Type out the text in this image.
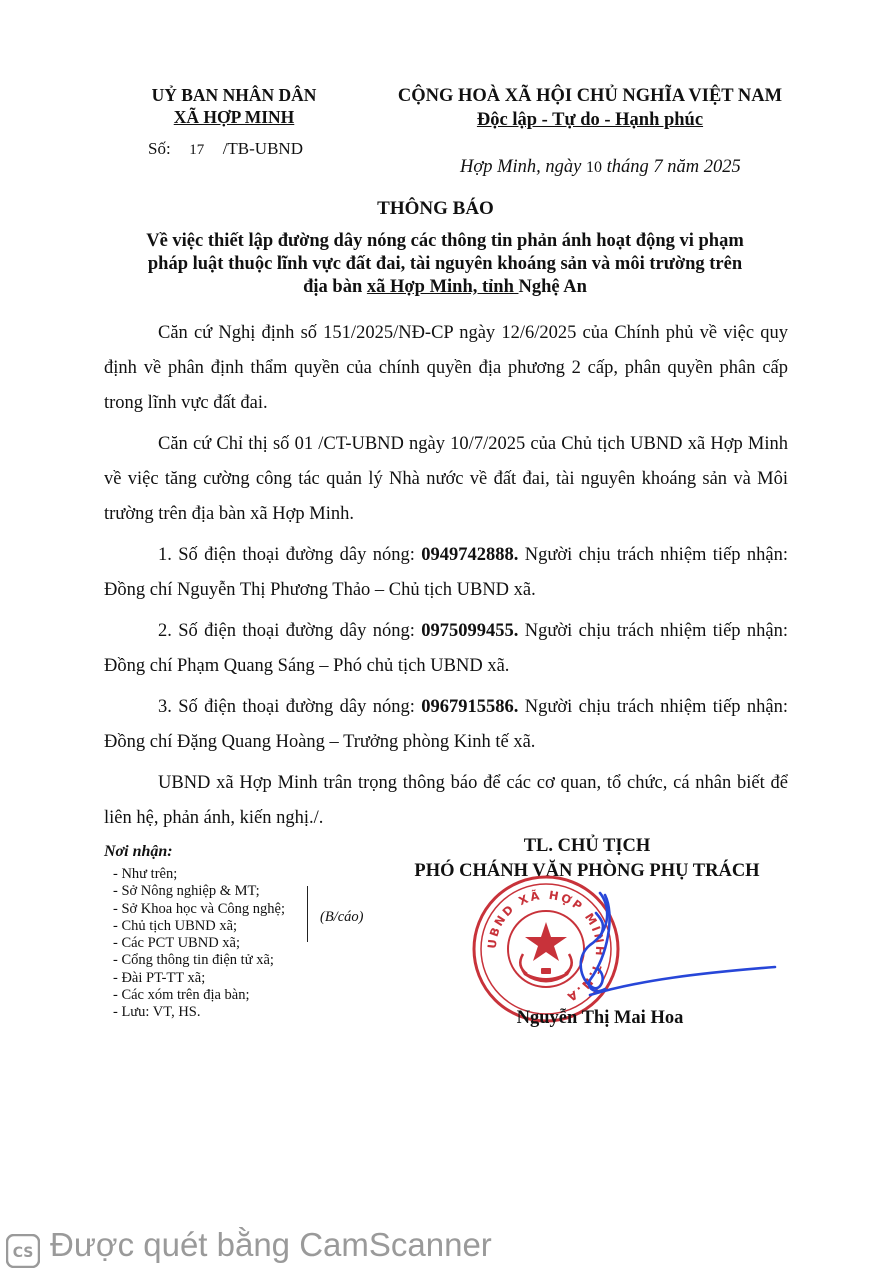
UỶ BAN NHÂN DÂN
XÃ HỢP MINH
Số: 17 /TB-UBND
CỘNG HOÀ XÃ HỘI CHỦ NGHĨA VIỆT NAM
Độc lập - Tự do - Hạnh phúc
Hợp Minh, ngày 10 tháng 7 năm 2025
THÔNG BÁO
Về việc thiết lập đường dây nóng các thông tin phản ánh hoạt động vi phạm
pháp luật thuộc lĩnh vực đất đai, tài nguyên khoáng sản và môi trường trên
địa bàn xã Hợp Minh, tỉnh Nghệ An

Căn cứ Nghị định số 151/2025/NĐ-CP ngày 12/6/2025 của Chính phủ về việc quy định về phân định thẩm quyền của chính quyền địa phương 2 cấp, phân quyền phân cấp trong lĩnh vực đất đai.

Căn cứ Chỉ thị số 01 /CT-UBND ngày 10/7/2025 của Chủ tịch UBND xã Hợp Minh về việc tăng cường công tác quản lý Nhà nước về đất đai, tài nguyên khoáng sản và Môi trường trên địa bàn xã Hợp Minh.

1. Số điện thoại đường dây nóng: 0949742888. Người chịu trách nhiệm tiếp nhận: Đồng chí Nguyễn Thị Phương Thảo – Chủ tịch UBND xã.

2. Số điện thoại đường dây nóng: 0975099455. Người chịu trách nhiệm tiếp nhận: Đồng chí Phạm Quang Sáng – Phó chủ tịch UBND xã.

3. Số điện thoại đường dây nóng: 0967915586. Người chịu trách nhiệm tiếp nhận: Đồng chí Đặng Quang Hoàng – Trưởng phòng Kinh tế xã.

UBND xã Hợp Minh trân trọng thông báo để các cơ quan, tổ chức, cá nhân biết để liên hệ, phản ánh, kiến nghị./.

Nơi nhận:
- Như trên;
- Sở Nông nghiệp & MT;
- Sở Khoa học và Công nghệ;
- Chủ tịch UBND xã;
- Các PCT UBND xã;
- Cổng thông tin điện tử xã;
- Đài PT-TT xã;
- Các xóm trên địa bàn;
- Lưu: VT, HS.
(B/cáo)
TL. CHỦ TỊCH
PHÓ CHÁNH VĂN PHÒNG PHỤ TRÁCH
UBND XÃ HỢP MINH T.N.A
Nguyễn Thị Mai Hoa
CS Được quét bằng CamScanner
